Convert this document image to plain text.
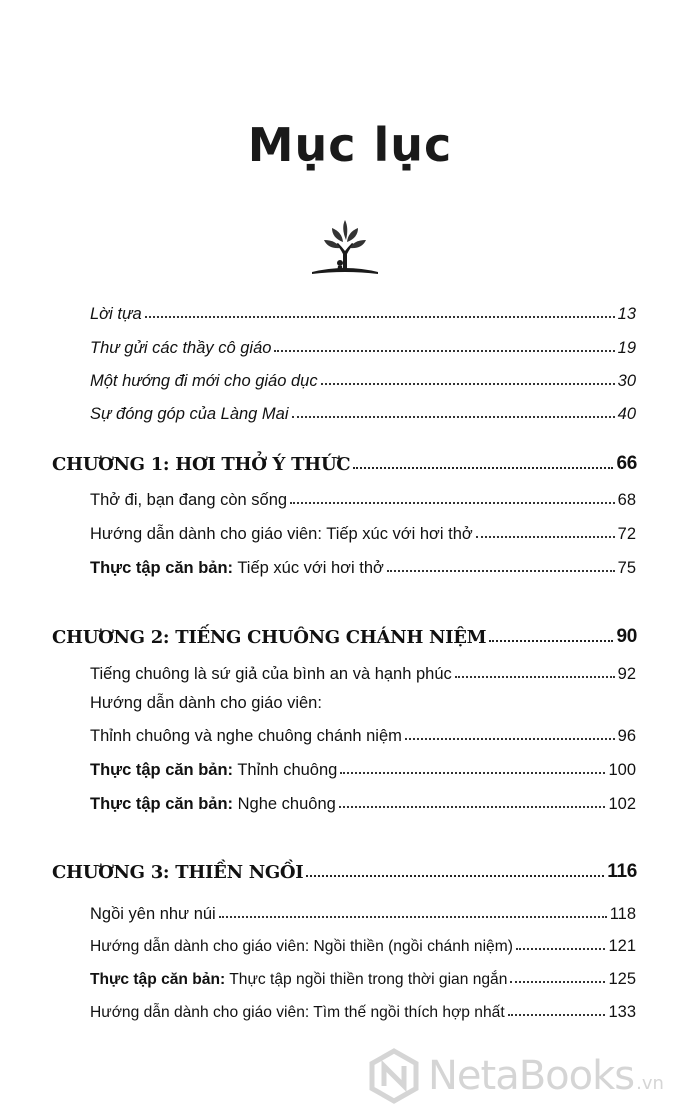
Mục lục
Lời tựa	13
Thư gửi các thầy cô giáo	19
Một hướng đi mới cho giáo dục	30
Sự đóng góp của Làng Mai	40
CHƯƠNG 1: HƠI THỞ Ý THỨC	66
Thở đi, bạn đang còn sống	68
Hướng dẫn dành cho giáo viên: Tiếp xúc với hơi thở	72
Thực tập căn bản: Tiếp xúc với hơi thở	75
CHƯƠNG 2: TIẾNG CHUÔNG CHÁNH NIỆM	90
Tiếng chuông là sứ giả của bình an và hạnh phúc	92
Hướng dẫn dành cho giáo viên:
Thỉnh chuông và nghe chuông chánh niệm	96
Thực tập căn bản: Thỉnh chuông	100
Thực tập căn bản: Nghe chuông	102
CHƯƠNG 3: THIỀN NGỒI	116
Ngồi yên như núi	118
Hướng dẫn dành cho giáo viên: Ngồi thiền (ngồi chánh niệm)	121
Thực tập căn bản: Thực tập ngồi thiền trong thời gian ngắn	125
Hướng dẫn dành cho giáo viên: Tìm thế ngồi thích hợp nhất	133
NetaBooks .vn
